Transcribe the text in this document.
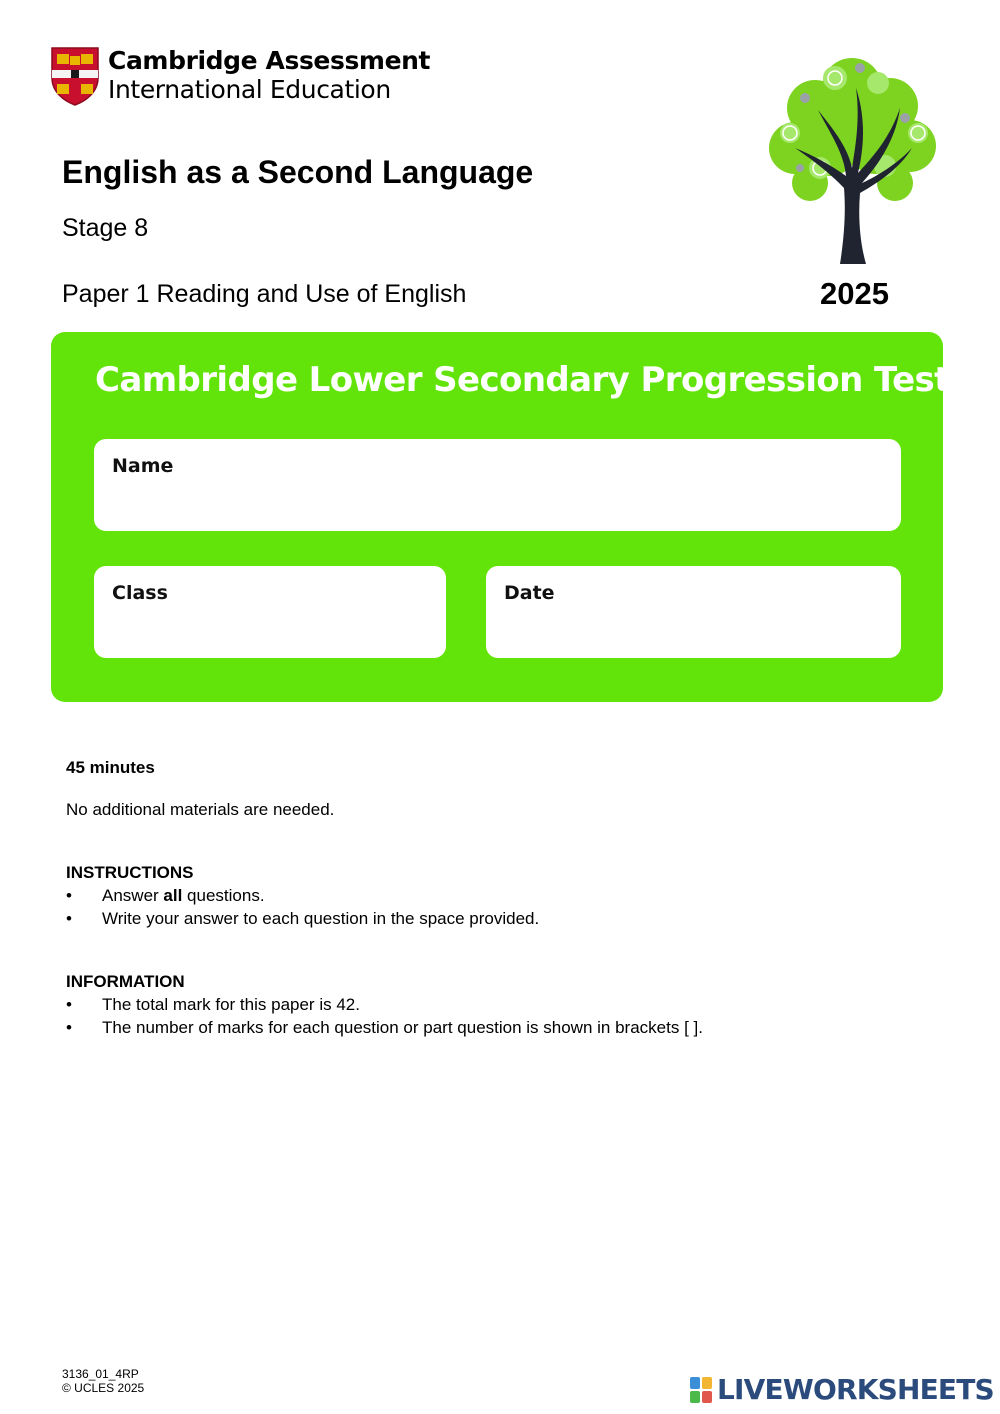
Cambridge Assessment
International Education
English as a Second Language
Stage 8
Paper 1 Reading and Use of English	2025
Cambridge Lower Secondary Progression Test
Name
Class	Date
45 minutes
No additional materials are needed.
INSTRUCTIONS
• Answer all questions.
• Write your answer to each question in the space provided.
INFORMATION
• The total mark for this paper is 42.
• The number of marks for each question or part question is shown in brackets [ ].
3136_01_4RP
© UCLES 2025	LIVEWORKSHEETS
